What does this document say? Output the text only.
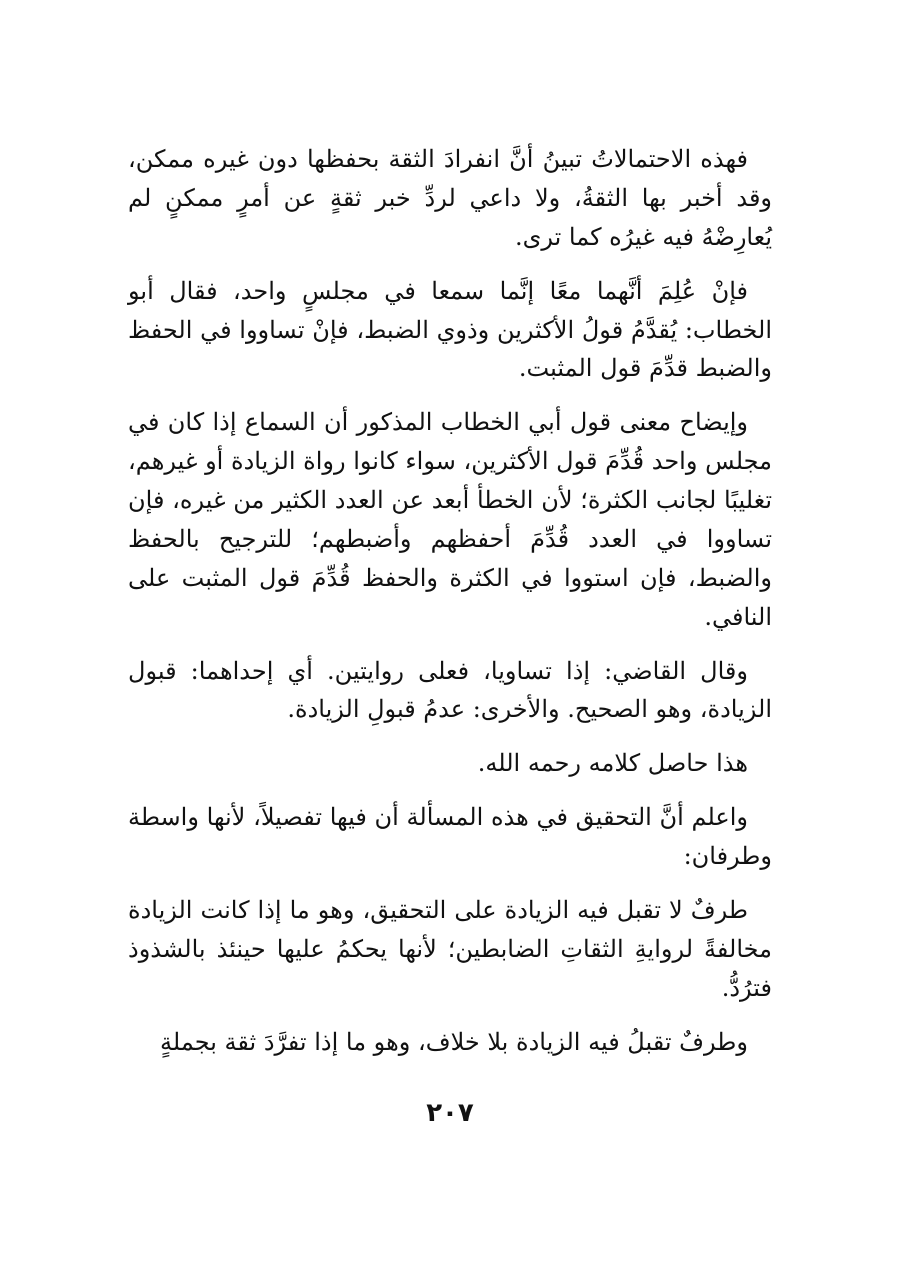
فهذه الاحتمالاتُ تبينُ أنَّ انفرادَ الثقة بحفظها دون غيره ممكن، وقد أخبر بها الثقةُ، ولا داعي لردِّ خبر ثقةٍ عن أمرٍ ممكنٍ لم يُعارِضْهُ فيه غيرُه كما ترى.

فإنْ عُلِمَ أنَّهما معًا إنَّما سمعا في مجلسٍ واحد، فقال أبو الخطاب: يُقدَّمُ قولُ الأكثرين وذوي الضبط، فإنْ تساووا في الحفظ والضبط قدِّمَ قول المثبت.

وإيضاح معنى قول أبي الخطاب المذكور أن السماع إذا كان في مجلس واحد قُدِّمَ قول الأكثرين، سواء كانوا رواة الزيادة أو غيرهم، تغليبًا لجانب الكثرة؛ لأن الخطأ أبعد عن العدد الكثير من غيره، فإن تساووا في العدد قُدِّمَ أحفظهم وأضبطهم؛ للترجيح بالحفظ والضبط، فإن استووا في الكثرة والحفظ قُدِّمَ قول المثبت على النافي.

وقال القاضي: إذا تساويا، فعلى روايتين. أي إحداهما: قبول الزيادة، وهو الصحيح. والأخرى: عدمُ قبولِ الزيادة.

هذا حاصل كلامه رحمه الله.

واعلم أنَّ التحقيق في هذه المسألة أن فيها تفصيلاً، لأنها واسطة وطرفان:

طرفٌ لا تقبل فيه الزيادة على التحقيق، وهو ما إذا كانت الزيادة مخالفةً لروايةِ الثقاتِ الضابطين؛ لأنها يحكمُ عليها حينئذ بالشذوذ فترُدُّ.

وطرفٌ تقبلُ فيه الزيادة بلا خلاف، وهو ما إذا تفرَّدَ ثقة بجملةٍ

٢٠٧
